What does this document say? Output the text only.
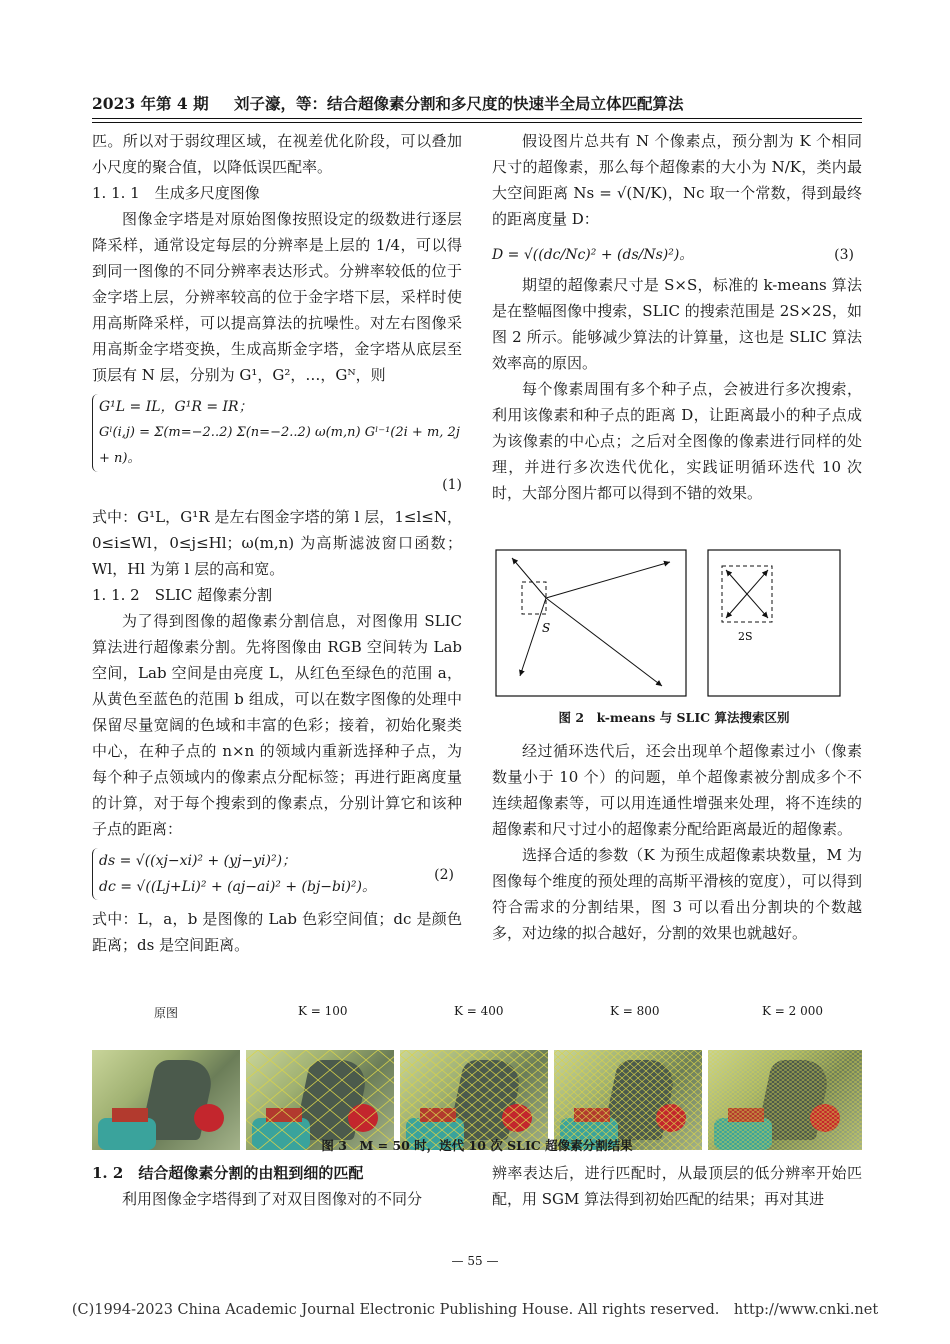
2023 年第 4 期 刘子濠，等：结合超像素分割和多尺度的快速半全局立体匹配算法

匹。所以对于弱纹理区域，在视差优化阶段，可以叠加小尺度的聚合值，以降低误匹配率。

1. 1. 1　生成多尺度图像

图像金字塔是对原始图像按照设定的级数进行逐层降采样，通常设定每层的分辨率是上层的 1/4，可以得到同一图像的不同分辨率表达形式。分辨率较低的位于金字塔上层，分辨率较高的位于金字塔下层，采样时使用高斯降采样，可以提高算法的抗噪性。对左右图像采用高斯金字塔变换，生成高斯金字塔，金字塔从底层至顶层有 N 层，分别为 G¹，G²，…，Gᴺ，则

G¹L = IL，G¹R = IR；
Gˡ(i,j) = Σ(m=−2..2) Σ(n=−2..2) ω(m,n) Gˡ⁻¹(2i + m, 2j + n)。
(1)

式中：G¹L，G¹R 是左右图金字塔的第 l 层，1≤l≤N，0≤i≤Wl，0≤j≤Hl；ω(m,n) 为高斯滤波窗口函数；Wl，Hl 为第 l 层的高和宽。

1. 1. 2　SLIC 超像素分割

为了得到图像的超像素分割信息，对图像用 SLIC 算法进行超像素分割。先将图像由 RGB 空间转为 Lab 空间，Lab 空间是由亮度 L，从红色至绿色的范围 a，从黄色至蓝色的范围 b 组成，可以在数字图像的处理中保留尽量宽阔的色域和丰富的色彩；接着，初始化聚类中心，在种子点的 n×n 的领域内重新选择种子点，为每个种子点领域内的像素点分配标签；再进行距离度量的计算，对于每个搜索到的像素点，分别计算它和该种子点的距离：

ds = √((xj−xi)² + (yj−yi)²)；
dc = √((Lj+Li)² + (aj−ai)² + (bj−bi)²)。
(2)

式中：L，a，b 是图像的 Lab 色彩空间值；dc 是颜色距离；ds 是空间距离。

假设图片总共有 N 个像素点，预分割为 K 个相同尺寸的超像素，那么每个超像素的大小为 N/K，类内最大空间距离 Ns = √(N/K)，Nc 取一个常数，得到最终的距离度量 D：

D = √((dc/Nc)² + (ds/Ns)²)。	(3)

期望的超像素尺寸是 S×S，标准的 k-means 算法是在整幅图像中搜索，SLIC 的搜索范围是 2S×2S，如图 2 所示。能够减少算法的计算量，这也是 SLIC 算法效率高的原因。

每个像素周围有多个种子点，会被进行多次搜索，利用该像素和种子点的距离 D，让距离最小的种子点成为该像素的中心点；之后对全图像的像素进行同样的处理，并进行多次迭代优化，实践证明循环迭代 10 次时，大部分图片都可以得到不错的效果。

S
2S
图 2　k-means 与 SLIC 算法搜索区别

经过循环迭代后，还会出现单个超像素过小（像素数量小于 10 个）的问题，单个超像素被分割成多个不连续超像素等，可以用连通性增强来处理，将不连续的超像素和尺寸过小的超像素分配给距离最近的超像素。

选择合适的参数（K 为预生成超像素块数量，M 为图像每个维度的预处理的高斯平滑核的宽度），可以得到符合需求的分割结果，图 3 可以看出分割块的个数越多，对边缘的拟合越好，分割的效果也就越好。

原图	K = 100	K = 400	K = 800	K = 2 000
图 3　M = 50 时，迭代 10 次 SLIC 超像素分割结果

1. 2　结合超像素分割的由粗到细的匹配

利用图像金字塔得到了对双目图像对的不同分

辨率表达后，进行匹配时，从最顶层的低分辨率开始匹配，用 SGM 算法得到初始匹配的结果；再对其进

— 55 —
(C)1994-2023 China Academic Journal Electronic Publishing House. All rights reserved.　http://www.cnki.net
